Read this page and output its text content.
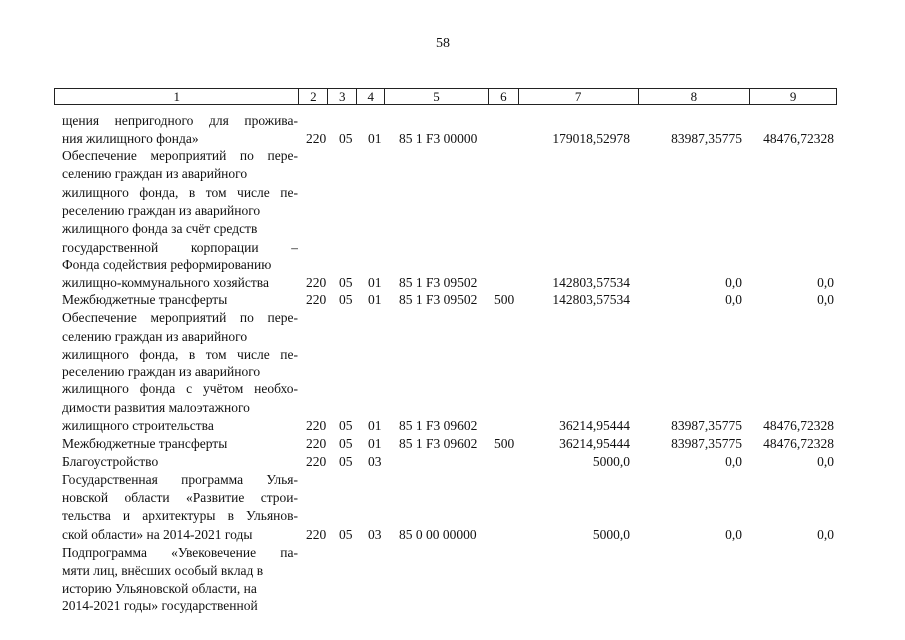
58
1	2	3	4	5	6	7	8	9
щения непригодного для прожива-
ния жилищного фонда»	220 05 01 85 1 F3 00000	179018,52978	83987,35775 48476,72328
Обеспечение мероприятий по пере-
селению граждан из аварийного
жилищного фонда, в том числе пе-
реселению граждан из аварийного
жилищного фонда за счёт средств
государственной корпорации –
Фонда содействия реформированию
жилищно-коммунального хозяйства	220 05 01 85 1 F3 09502	142803,57534	0,0	0,0
Межбюджетные трансферты	220 05 01 85 1 F3 09502 500	142803,57534	0,0	0,0
Обеспечение мероприятий по пере-
селению граждан из аварийного
жилищного фонда, в том числе пе-
реселению граждан из аварийного
жилищного фонда с учётом необхо-
димости развития малоэтажного
жилищного строительства	220 05 01 85 1 F3 09602	36214,95444	83987,35775 48476,72328
Межбюджетные трансферты	220 05 01 85 1 F3 09602 500	36214,95444	83987,35775 48476,72328
Благоустройство	220 05 03	5000,0	0,0	0,0
Государственная программа Улья-
новской области «Развитие строи-
тельства и архитектуры в Ульянов-
ской области» на 2014-2021 годы	220 05 03 85 0 00 00000	5000,0	0,0	0,0
Подпрограмма «Увековечение па-
мяти лиц, внёсших особый вклад в
историю Ульяновской области, на
2014-2021 годы» государственной
